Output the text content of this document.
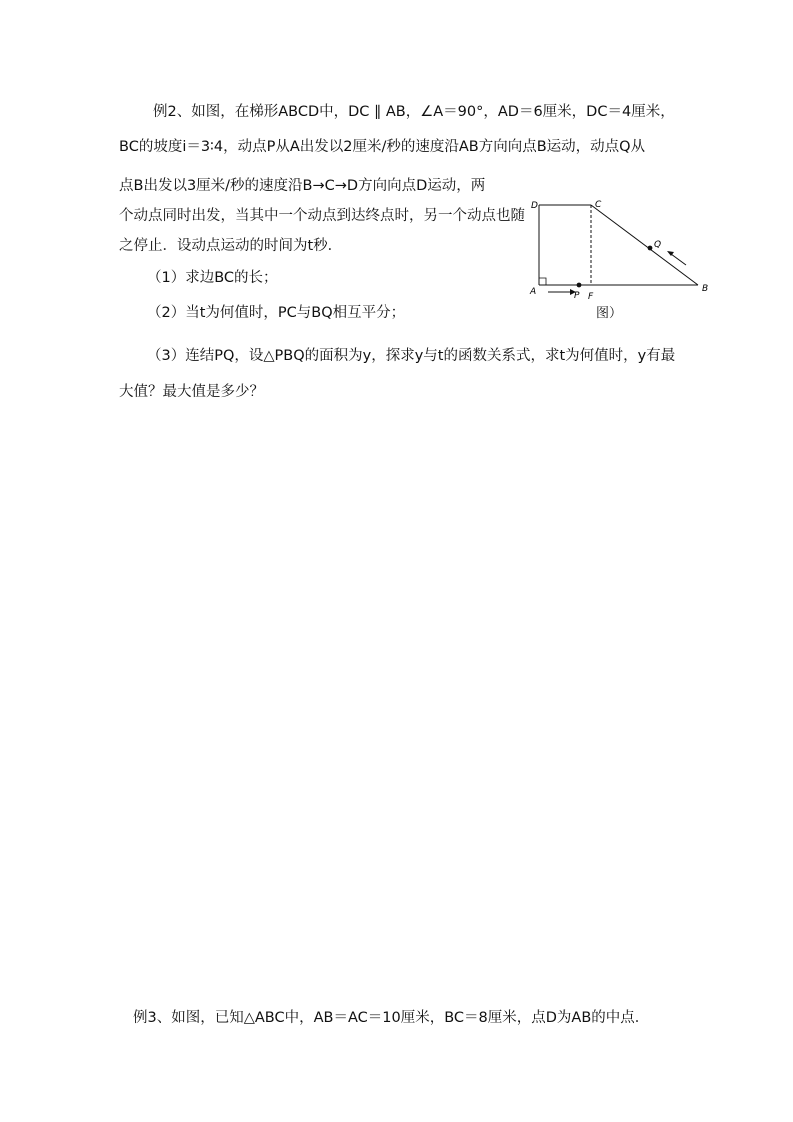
例2、如图，在梯形ABCD中，DC ∥ AB，∠A＝90°，AD＝6厘米，DC＝4厘米，
BC的坡度i＝3∶4，动点P从A出发以2厘米/秒的速度沿AB方向向点B运动，动点Q从
点B出发以3厘米/秒的速度沿B→C→D方向向点D运动，两
个动点同时出发，当其中一个动点到达终点时，另一个动点也随
之停止．设动点运动的时间为t秒．
（1）求边BC的长；
（2）当t为何值时，PC与BQ相互平分；
（3）连结PQ，设△PBQ的面积为y，探求y与t的函数关系式，求t为何值时，y有最
大值？最大值是多少？
D	C
Q
A	P F
B
图）
例3、如图，已知△ABC中，AB＝AC＝10厘米，BC＝8厘米，点D为AB的中点．
